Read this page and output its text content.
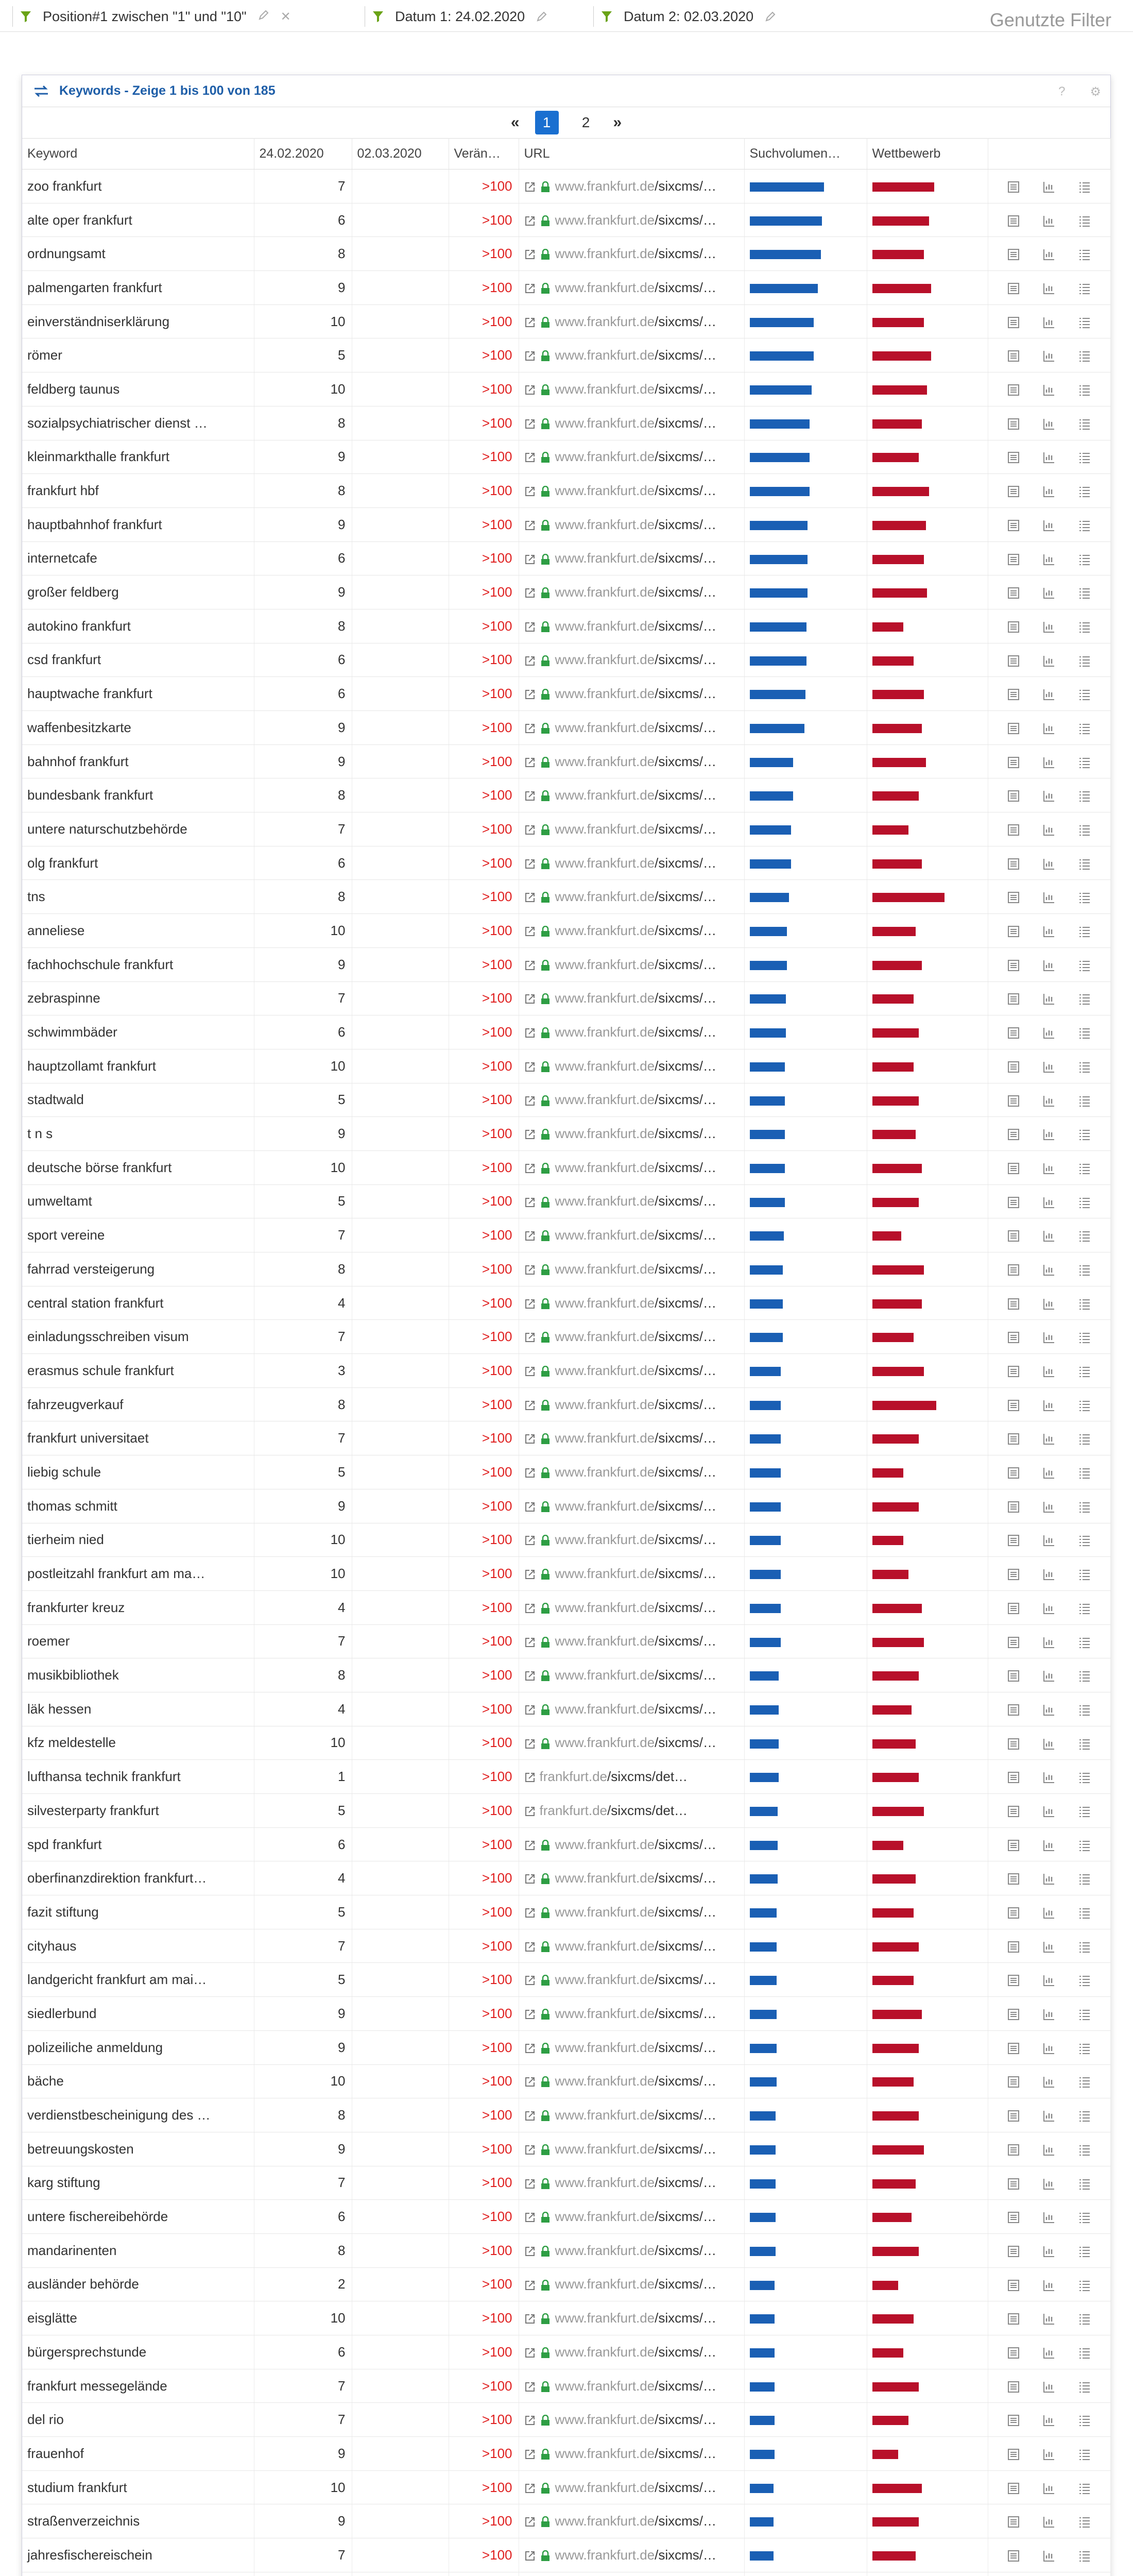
Position#1 zwischen "1" und "10"	✕	Datum 1: 24.02.2020	Datum 2: 02.03.2020	Genutzte Filter
Keywords - Zeige 1 bis 100 von 185	? ⚙
«	1	2	»
Keyword	24.02.2020	02.03.2020	Verän…	URL	Suchvolumen…	Wettbewerb	
zoo frankfurt	7		>100	www.frankfurt.de/sixcms/…			
alte oper frankfurt	6		>100	www.frankfurt.de/sixcms/…			
ordnungsamt	8		>100	www.frankfurt.de/sixcms/…			
palmengarten frankfurt	9		>100	www.frankfurt.de/sixcms/…			
einverständniserklärung	10		>100	www.frankfurt.de/sixcms/…			
römer	5		>100	www.frankfurt.de/sixcms/…			
feldberg taunus	10		>100	www.frankfurt.de/sixcms/…			
sozialpsychiatrischer dienst …	8		>100	www.frankfurt.de/sixcms/…			
kleinmarkthalle frankfurt	9		>100	www.frankfurt.de/sixcms/…			
frankfurt hbf	8		>100	www.frankfurt.de/sixcms/…			
hauptbahnhof frankfurt	9		>100	www.frankfurt.de/sixcms/…			
internetcafe	6		>100	www.frankfurt.de/sixcms/…			
großer feldberg	9		>100	www.frankfurt.de/sixcms/…			
autokino frankfurt	8		>100	www.frankfurt.de/sixcms/…			
csd frankfurt	6		>100	www.frankfurt.de/sixcms/…			
hauptwache frankfurt	6		>100	www.frankfurt.de/sixcms/…			
waffenbesitzkarte	9		>100	www.frankfurt.de/sixcms/…			
bahnhof frankfurt	9		>100	www.frankfurt.de/sixcms/…			
bundesbank frankfurt	8		>100	www.frankfurt.de/sixcms/…			
untere naturschutzbehörde	7		>100	www.frankfurt.de/sixcms/…			
olg frankfurt	6		>100	www.frankfurt.de/sixcms/…			
tns	8		>100	www.frankfurt.de/sixcms/…			
anneliese	10		>100	www.frankfurt.de/sixcms/…			
fachhochschule frankfurt	9		>100	www.frankfurt.de/sixcms/…			
zebraspinne	7		>100	www.frankfurt.de/sixcms/…			
schwimmbäder	6		>100	www.frankfurt.de/sixcms/…			
hauptzollamt frankfurt	10		>100	www.frankfurt.de/sixcms/…			
stadtwald	5		>100	www.frankfurt.de/sixcms/…			
t n s	9		>100	www.frankfurt.de/sixcms/…			
deutsche börse frankfurt	10		>100	www.frankfurt.de/sixcms/…			
umweltamt	5		>100	www.frankfurt.de/sixcms/…			
sport vereine	7		>100	www.frankfurt.de/sixcms/…			
fahrrad versteigerung	8		>100	www.frankfurt.de/sixcms/…			
central station frankfurt	4		>100	www.frankfurt.de/sixcms/…			
einladungsschreiben visum	7		>100	www.frankfurt.de/sixcms/…			
erasmus schule frankfurt	3		>100	www.frankfurt.de/sixcms/…			
fahrzeugverkauf	8		>100	www.frankfurt.de/sixcms/…			
frankfurt universitaet	7		>100	www.frankfurt.de/sixcms/…			
liebig schule	5		>100	www.frankfurt.de/sixcms/…			
thomas schmitt	9		>100	www.frankfurt.de/sixcms/…			
tierheim nied	10		>100	www.frankfurt.de/sixcms/…			
postleitzahl frankfurt am ma…	10		>100	www.frankfurt.de/sixcms/…			
frankfurter kreuz	4		>100	www.frankfurt.de/sixcms/…			
roemer	7		>100	www.frankfurt.de/sixcms/…			
musikbibliothek	8		>100	www.frankfurt.de/sixcms/…			
läk hessen	4		>100	www.frankfurt.de/sixcms/…			
kfz meldestelle	10		>100	www.frankfurt.de/sixcms/…			
lufthansa technik frankfurt	1		>100	frankfurt.de/sixcms/det…			
silvesterparty frankfurt	5		>100	frankfurt.de/sixcms/det…			
spd frankfurt	6		>100	www.frankfurt.de/sixcms/…			
oberfinanzdirektion frankfurt…	4		>100	www.frankfurt.de/sixcms/…			
fazit stiftung	5		>100	www.frankfurt.de/sixcms/…			
cityhaus	7		>100	www.frankfurt.de/sixcms/…			
landgericht frankfurt am mai…	5		>100	www.frankfurt.de/sixcms/…			
siedlerbund	9		>100	www.frankfurt.de/sixcms/…			
polizeiliche anmeldung	9		>100	www.frankfurt.de/sixcms/…			
bäche	10		>100	www.frankfurt.de/sixcms/…			
verdienstbescheinigung des …	8		>100	www.frankfurt.de/sixcms/…			
betreuungskosten	9		>100	www.frankfurt.de/sixcms/…			
karg stiftung	7		>100	www.frankfurt.de/sixcms/…			
untere fischereibehörde	6		>100	www.frankfurt.de/sixcms/…			
mandarinenten	8		>100	www.frankfurt.de/sixcms/…			
ausländer behörde	2		>100	www.frankfurt.de/sixcms/…			
eisglätte	10		>100	www.frankfurt.de/sixcms/…			
bürgersprechstunde	6		>100	www.frankfurt.de/sixcms/…			
frankfurt messegelände	7		>100	www.frankfurt.de/sixcms/…			
del rio	7		>100	www.frankfurt.de/sixcms/…			
frauenhof	9		>100	www.frankfurt.de/sixcms/…			
studium frankfurt	10		>100	www.frankfurt.de/sixcms/…			
straßenverzeichnis	9		>100	www.frankfurt.de/sixcms/…			
jahresfischereischein	7		>100	www.frankfurt.de/sixcms/…			
